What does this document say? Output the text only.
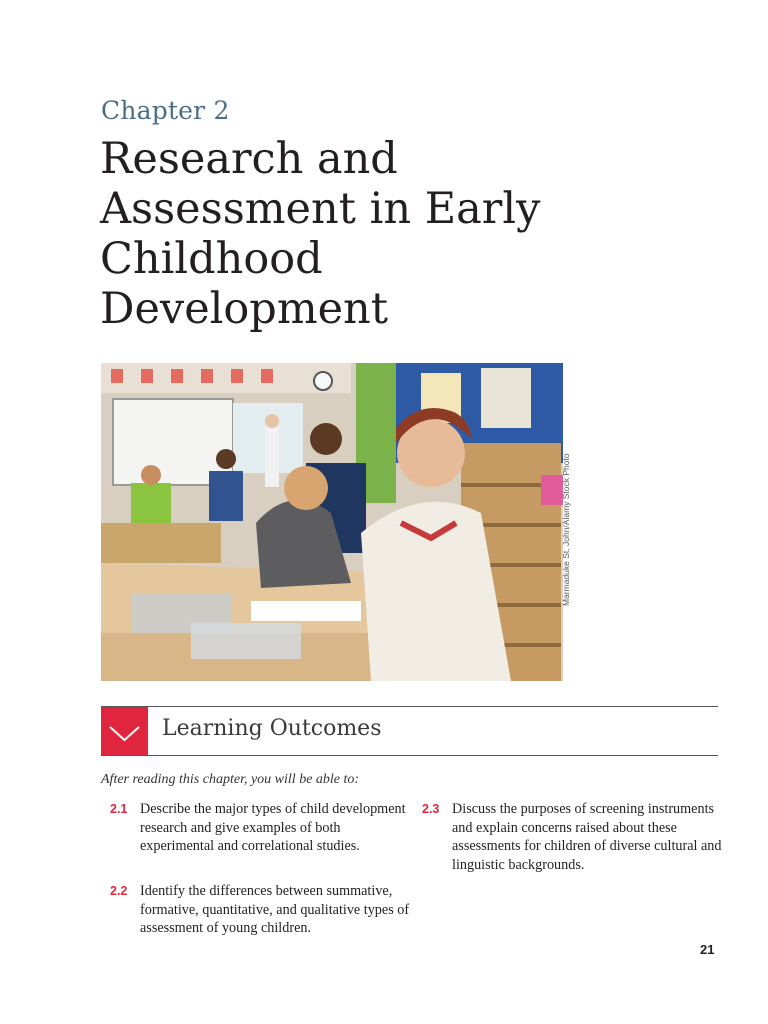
Chapter 2
Research and Assessment in Early Childhood Development
Marmaduke St. John/Alamy Stock Photo
Learning Outcomes
After reading this chapter, you will be able to:
2.1 Describe the major types of child development research and give examples of both experimental and correlational studies.
2.2 Identify the differences between summative, formative, quantitative, and qualitative types of assessment of young children.
2.3 Discuss the purposes of screening instruments and explain concerns raised about these assessments for children of diverse cultural and linguistic backgrounds.
21
